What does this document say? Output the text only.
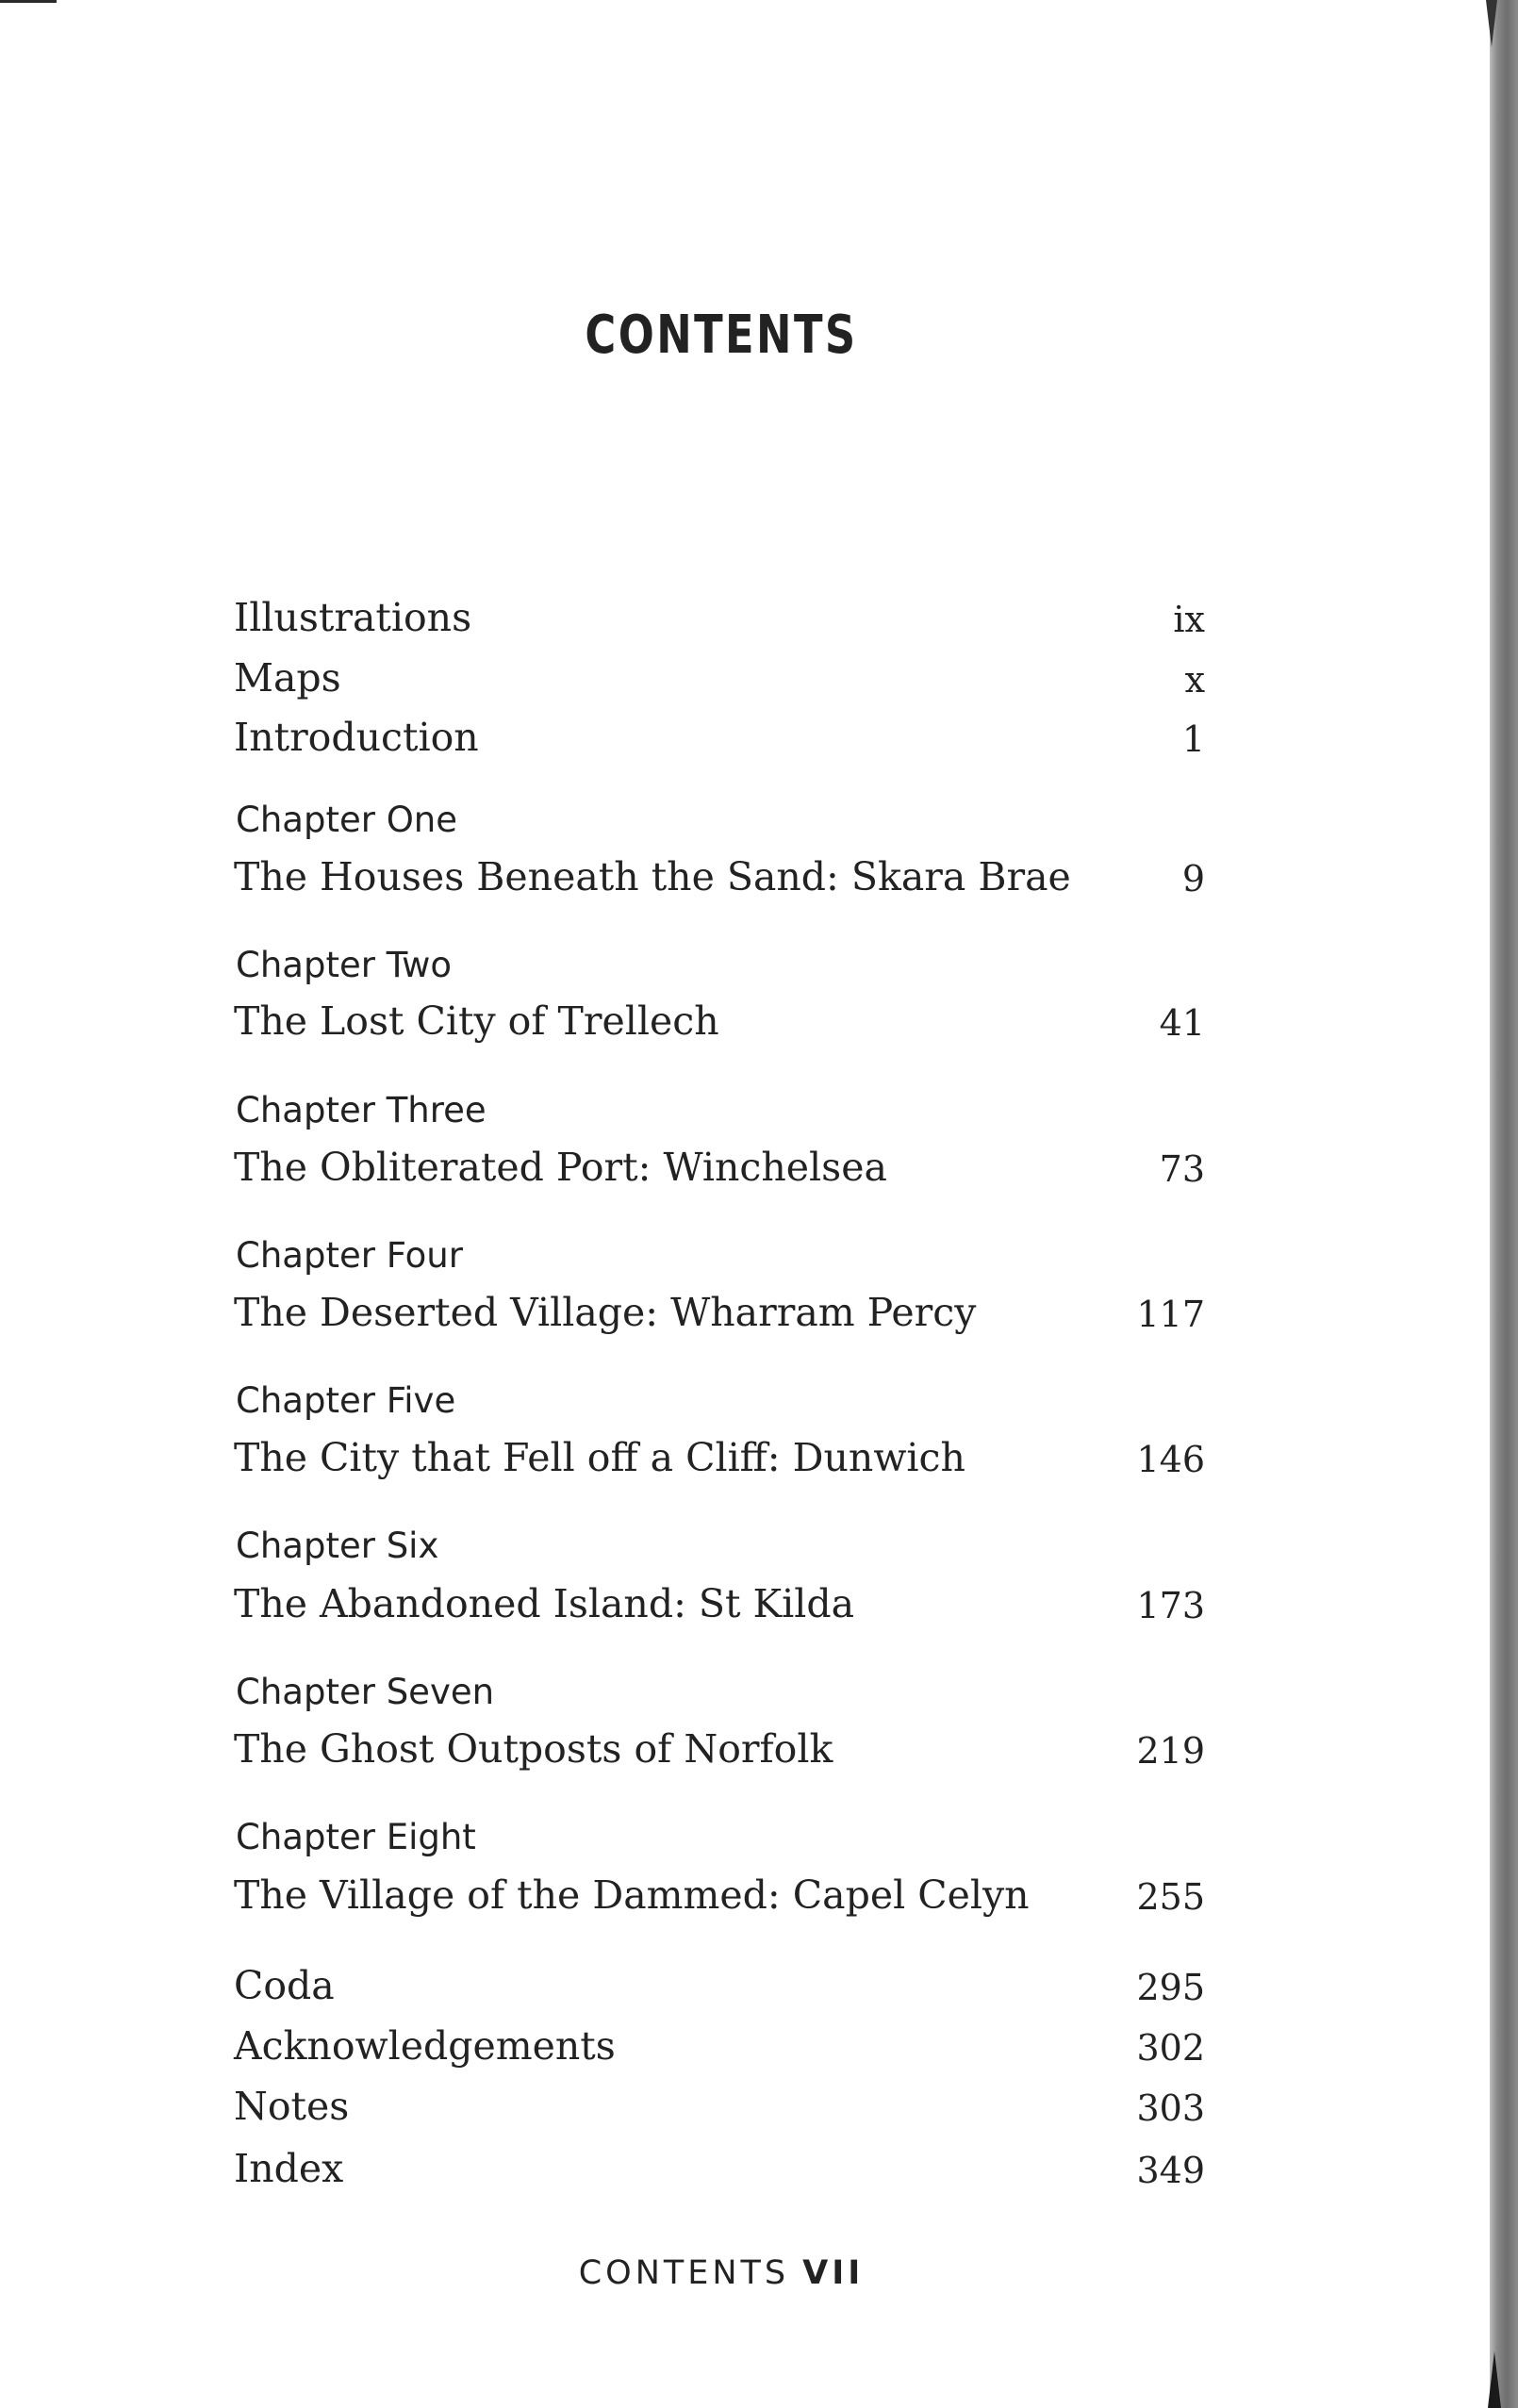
CONTENTS
Illustrations	ix
Maps	x
Introduction	1
Chapter One
The Houses Beneath the Sand: Skara Brae	9
Chapter Two
The Lost City of Trellech	41
Chapter Three
The Obliterated Port: Winchelsea	73
Chapter Four
The Deserted Village: Wharram Percy	117
Chapter Five
The City that Fell off a Cliff: Dunwich	146
Chapter Six
The Abandoned Island: St Kilda	173
Chapter Seven
The Ghost Outposts of Norfolk	219
Chapter Eight
The Village of the Dammed: Capel Celyn	255
Coda	295
Acknowledgements	302
Notes	303
Index	349
CONTENTS VII
